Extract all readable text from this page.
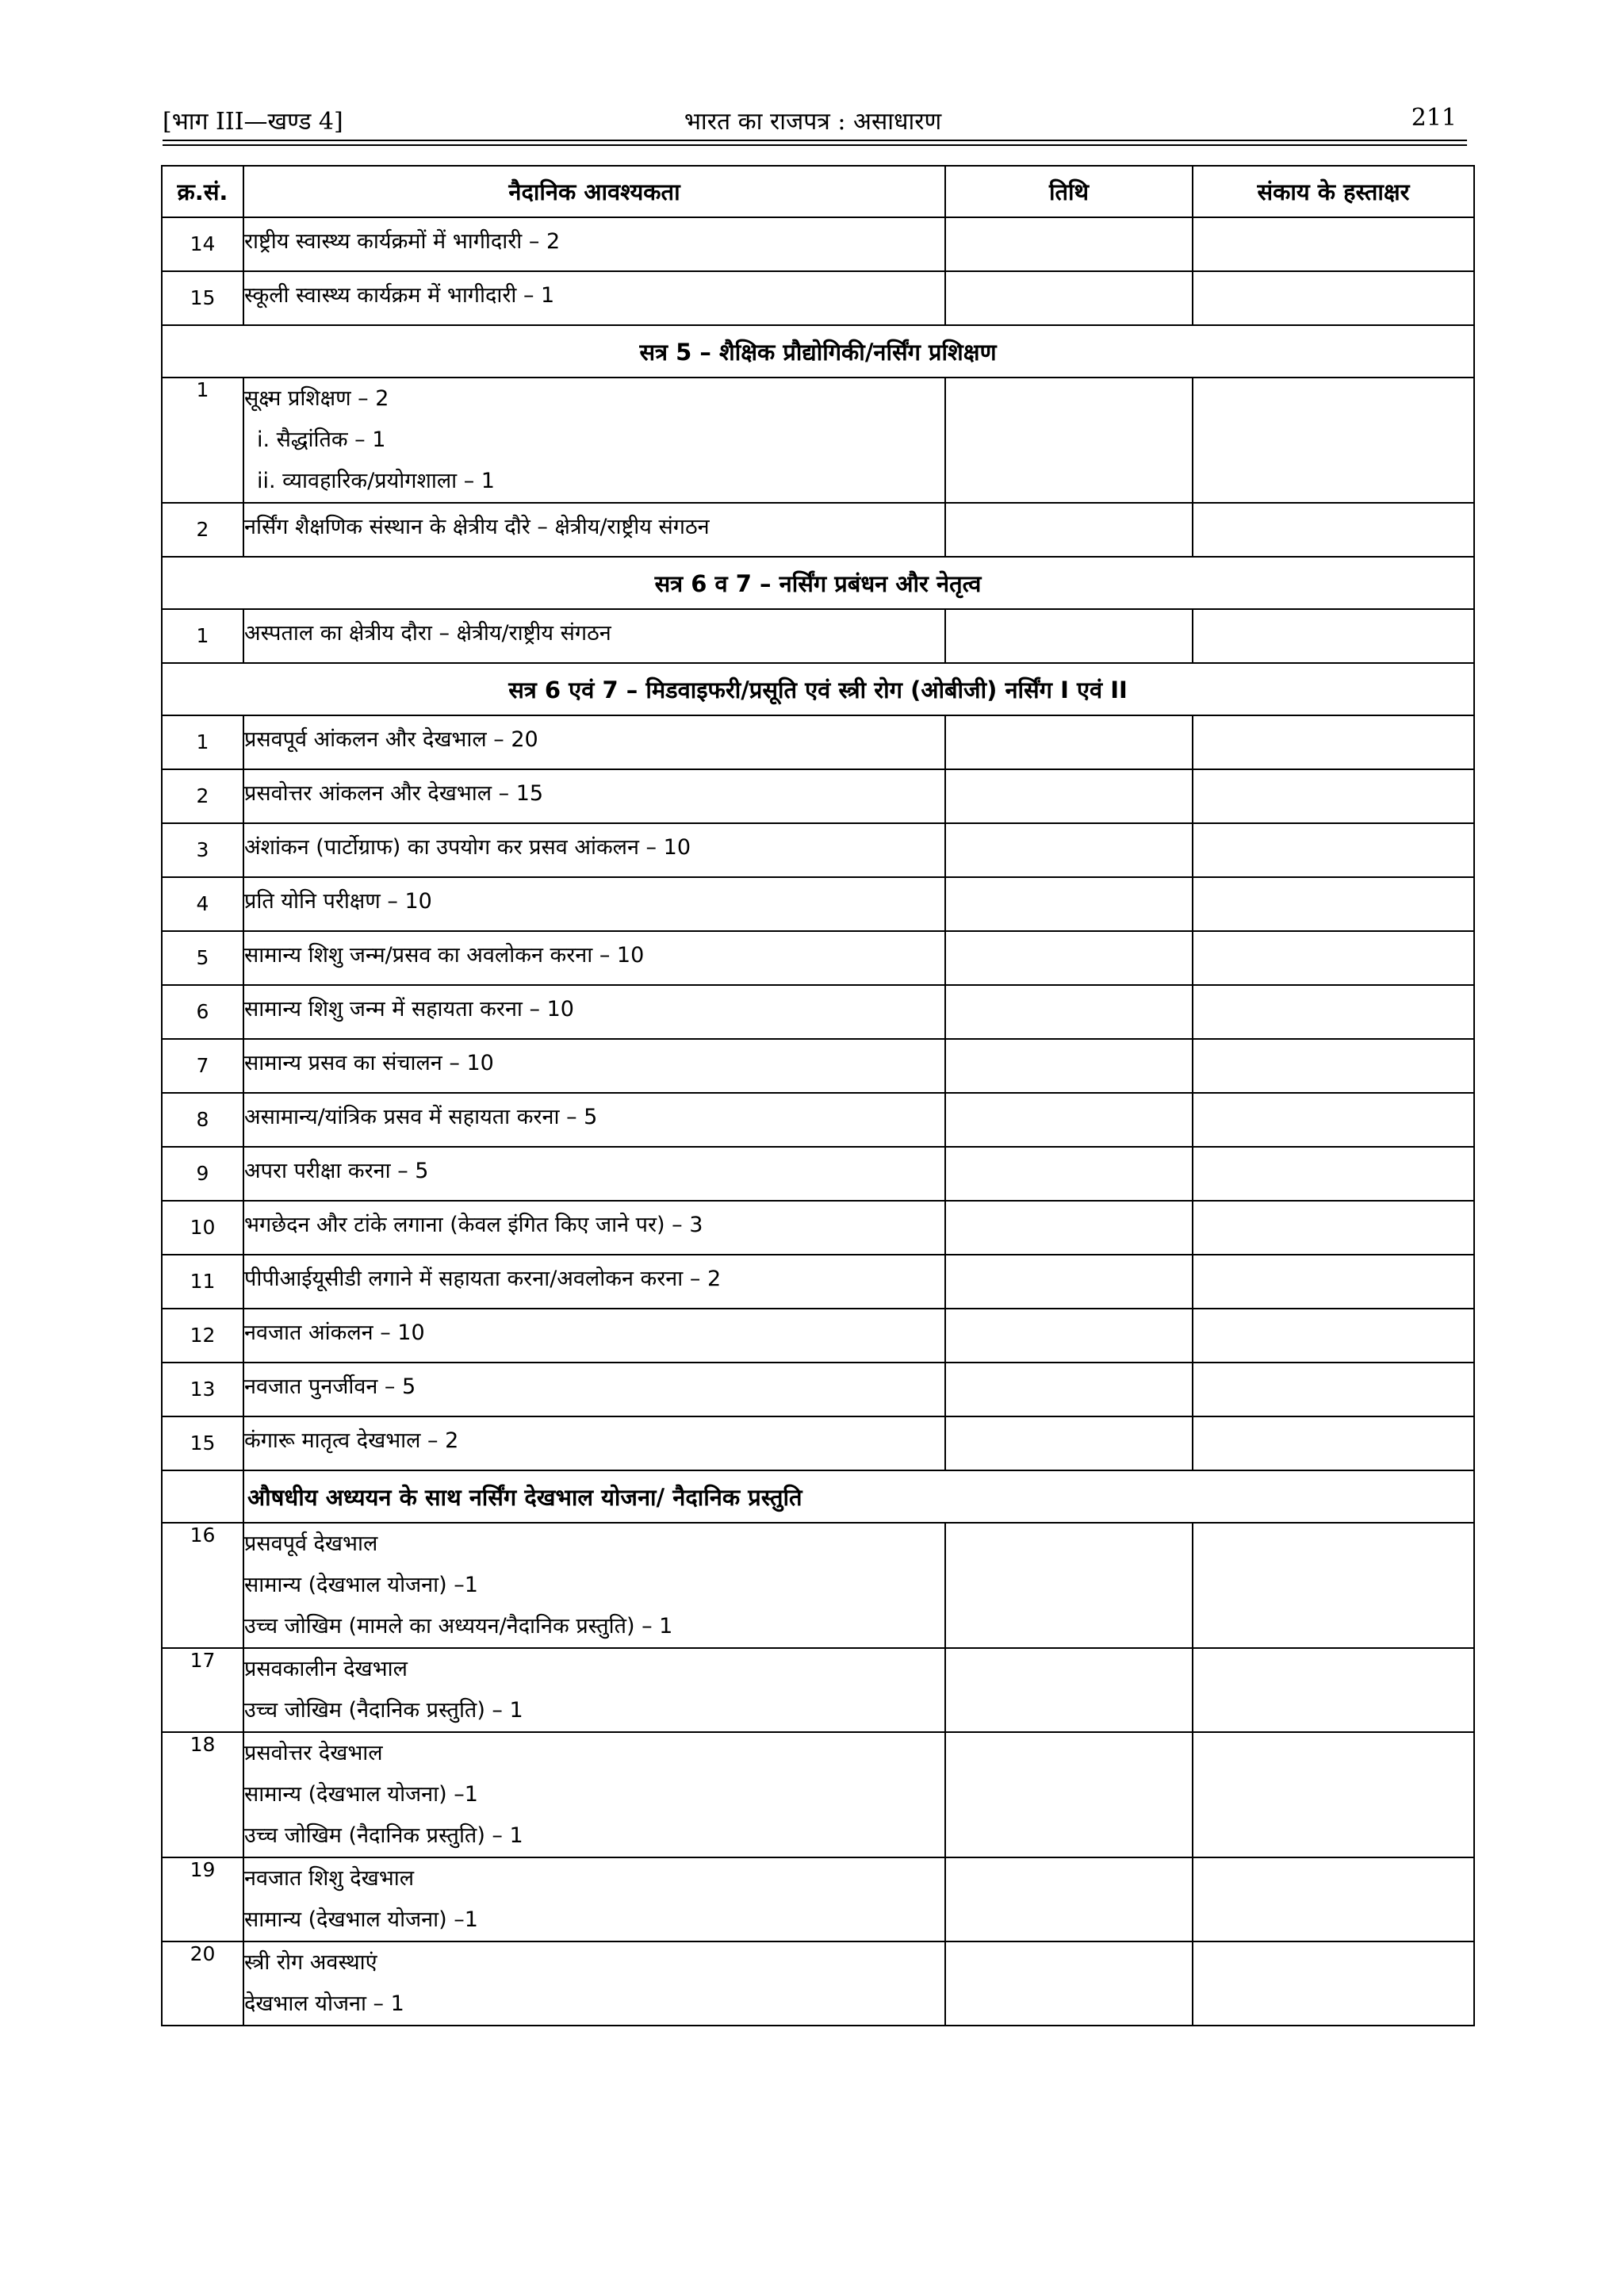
[भाग III—खण्ड 4]	भारत का राजपत्र : असाधारण	211
क्र.सं.	नैदानिक आवश्यकता	तिथि	संकाय के हस्ताक्षर
14	राष्ट्रीय स्वास्थ्य कार्यक्रमों में भागीदारी – 2		

15	स्कूली स्वास्थ्य कार्यक्रम में भागीदारी – 1		

सत्र 5 – शैक्षिक प्रौद्योगिकी/नर्सिंग प्रशिक्षण			
1	सूक्ष्म प्रशिक्षण – 2
i. सैद्धांतिक – 1
ii. व्यावहारिक/प्रयोगशाला – 1		

2	नर्सिंग शैक्षणिक संस्थान के क्षेत्रीय दौरे – क्षेत्रीय/राष्ट्रीय संगठन		

सत्र 6 व 7 – नर्सिंग प्रबंधन और नेतृत्व			
1	अस्पताल का क्षेत्रीय दौरा – क्षेत्रीय/राष्ट्रीय संगठन		

सत्र 6 एवं 7 – मिडवाइफरी/प्रसूति एवं स्त्री रोग (ओबीजी) नर्सिंग I एवं II			
1	प्रसवपूर्व आंकलन और देखभाल – 20		

2	प्रसवोत्तर आंकलन और देखभाल – 15		

3	अंशांकन (पार्टोग्राफ) का उपयोग कर प्रसव आंकलन – 10		

4	प्रति योनि परीक्षण – 10		

5	सामान्य शिशु जन्म/प्रसव का अवलोकन करना – 10		

6	सामान्य शिशु जन्म में सहायता करना – 10		

7	सामान्य प्रसव का संचालन – 10		

8	असामान्य/यांत्रिक प्रसव में सहायता करना – 5		

9	अपरा परीक्षा करना – 5		

10	भगछेदन और टांके लगाना (केवल इंगित किए जाने पर) – 3		

11	पीपीआईयूसीडी लगाने में सहायता करना/अवलोकन करना – 2		

12	नवजात आंकलन – 10		

13	नवजात पुनर्जीवन – 5		

15	कंगारू मातृत्व देखभाल – 2		

	औषधीय अध्ययन के साथ नर्सिंग देखभाल योजना/ नैदानिक प्रस्तुति		
16	प्रसवपूर्व देखभाल
सामान्य (देखभाल योजना) –1
उच्च जोखिम (मामले का अध्ययन/नैदानिक प्रस्तुति) – 1		

17	प्रसवकालीन देखभाल
उच्च जोखिम (नैदानिक प्रस्तुति) – 1		

18	प्रसवोत्तर देखभाल
सामान्य (देखभाल योजना) –1
उच्च जोखिम (नैदानिक प्रस्तुति) – 1		

19	नवजात शिशु देखभाल
सामान्य (देखभाल योजना) –1		

20	स्त्री रोग अवस्थाएं
देखभाल योजना – 1		
